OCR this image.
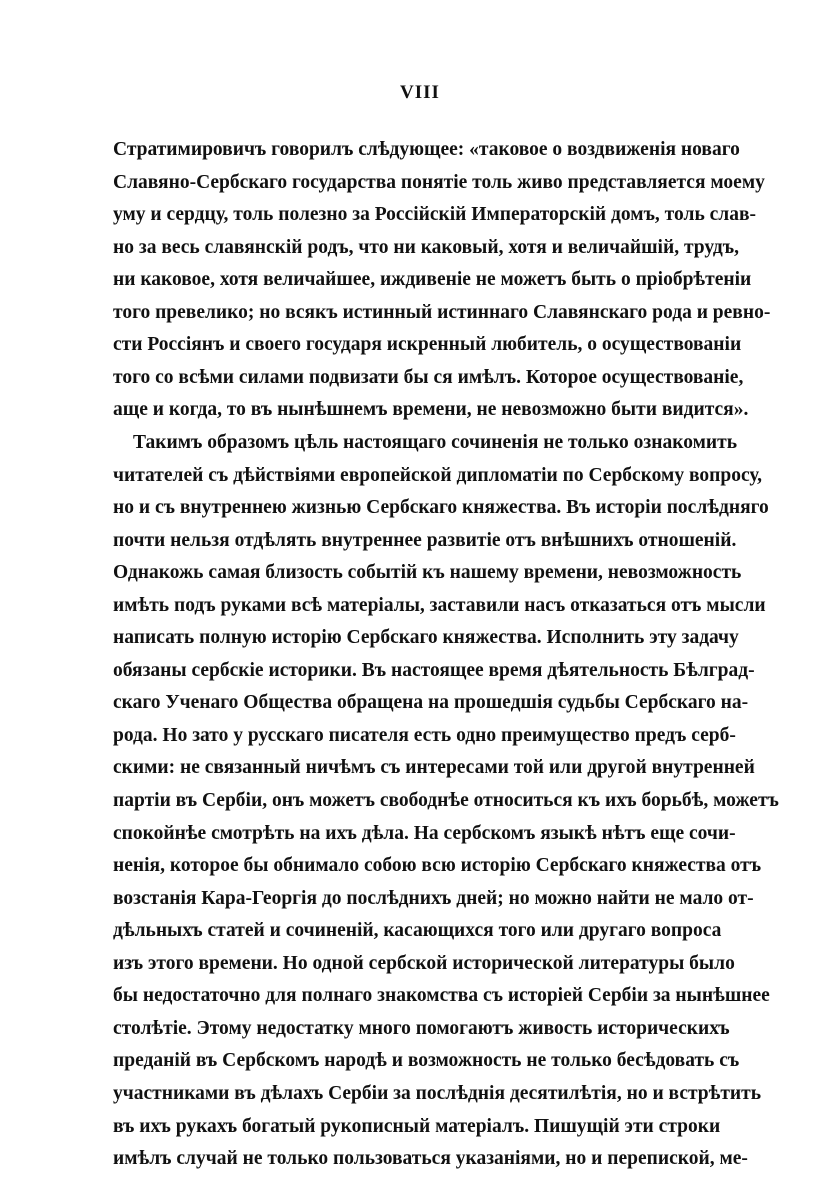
VIII
Стратимировичъ говорилъ слѣдующее: «таковое о воздвиженія новаго
Славяно-Сербскаго государства понятіе толь живо представляется моему
уму и сердцу, толь полезно за Россійскій Императорскій домъ, толь слав-
но за весь славянскій родъ, что ни каковый, хотя и величайшій, трудъ,
ни каковое, хотя величайшее, иждивеніе не можетъ быть о пріобрѣтеніи
того превелико; но всякъ истинный истиннаго Славянскаго рода и ревно-
сти Россіянъ и своего государя искренный любитель, о осуществованіи
того со всѣми силами подвизати бы ся имѣлъ. Которое осуществованіе,
аще и когда, то въ нынѣшнемъ времени, не невозможно быти видится».
Такимъ образомъ цѣль настоящаго сочиненія не только ознакомить
читателей съ дѣйствіями европейской дипломатіи по Сербскому вопросу,
но и съ внутреннею жизнью Сербскаго княжества. Въ исторіи послѣдняго
почти нельзя отдѣлять внутреннее развитіе отъ внѣшнихъ отношеній.
Однакожь самая близость событій къ нашему времени, невозможность
имѣть подъ руками всѣ матеріалы, заставили насъ отказаться отъ мысли
написать полную исторію Сербскаго княжества. Исполнить эту задачу
обязаны сербскіе историки. Въ настоящее время дѣятельность Бѣлград-
скаго Ученаго Общества обращена на прошедшія судьбы Сербскаго на-
рода. Но зато у русскаго писателя есть одно преимущество предъ серб-
скими: не связанный ничѣмъ съ интересами той или другой внутренней
партіи въ Сербіи, онъ можетъ свободнѣе относиться къ ихъ борьбѣ, можетъ
спокойнѣе смотрѣть на ихъ дѣла. На сербскомъ языкѣ нѣтъ еще сочи-
ненія, которое бы обнимало собою всю исторію Сербскаго княжества отъ
возстанія Кара-Георгія до послѣднихъ дней; но можно найти не мало от-
дѣльныхъ статей и сочиненій, касающихся того или другаго вопроса
изъ этого времени. Но одной сербской исторической литературы было
бы недостаточно для полнаго знакомства съ исторіей Сербіи за нынѣшнее
столѣтіе. Этому недостатку много помогаютъ живость историческихъ
преданій въ Сербскомъ народѣ и возможность не только бесѣдовать съ
участниками въ дѣлахъ Сербіи за послѣднія десятилѣтія, но и встрѣтить
въ ихъ рукахъ богатый рукописный матеріалъ. Пишущій эти строки
имѣлъ случай не только пользоваться указаніями, но и перепиской, ме-
